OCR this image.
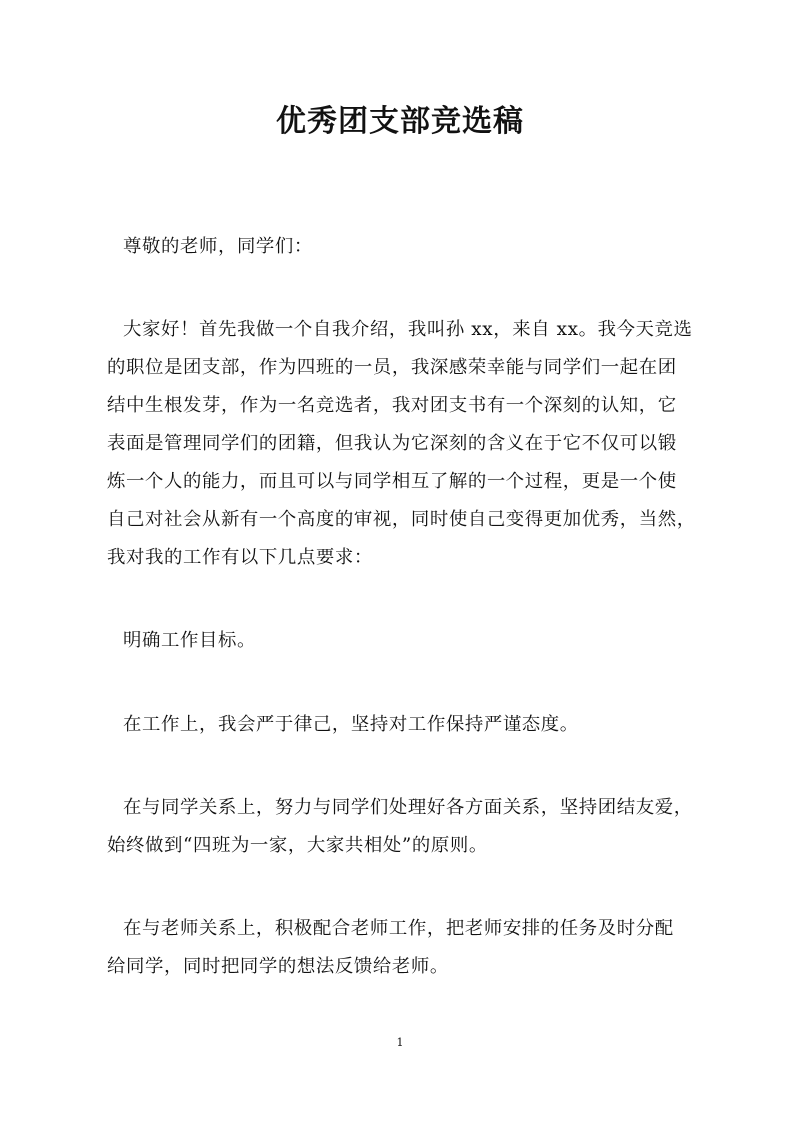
优秀团支部竞选稿
尊敬的老师，同学们：
大家好！首先我做一个自我介绍，我叫孙 xx，来自 xx。我今天竞选
的职位是团支部，作为四班的一员，我深感荣幸能与同学们一起在团
结中生根发芽，作为一名竞选者，我对团支书有一个深刻的认知，它
表面是管理同学们的团籍，但我认为它深刻的含义在于它不仅可以锻
炼一个人的能力，而且可以与同学相互了解的一个过程，更是一个使
自己对社会从新有一个高度的审视，同时使自己变得更加优秀，当然，
我对我的工作有以下几点要求：
明确工作目标。
在工作上，我会严于律己，坚持对工作保持严谨态度。
在与同学关系上，努力与同学们处理好各方面关系，坚持团结友爱，
始终做到“四班为一家，大家共相处”的原则。
在与老师关系上，积极配合老师工作，把老师安排的任务及时分配
给同学，同时把同学的想法反馈给老师。
1
